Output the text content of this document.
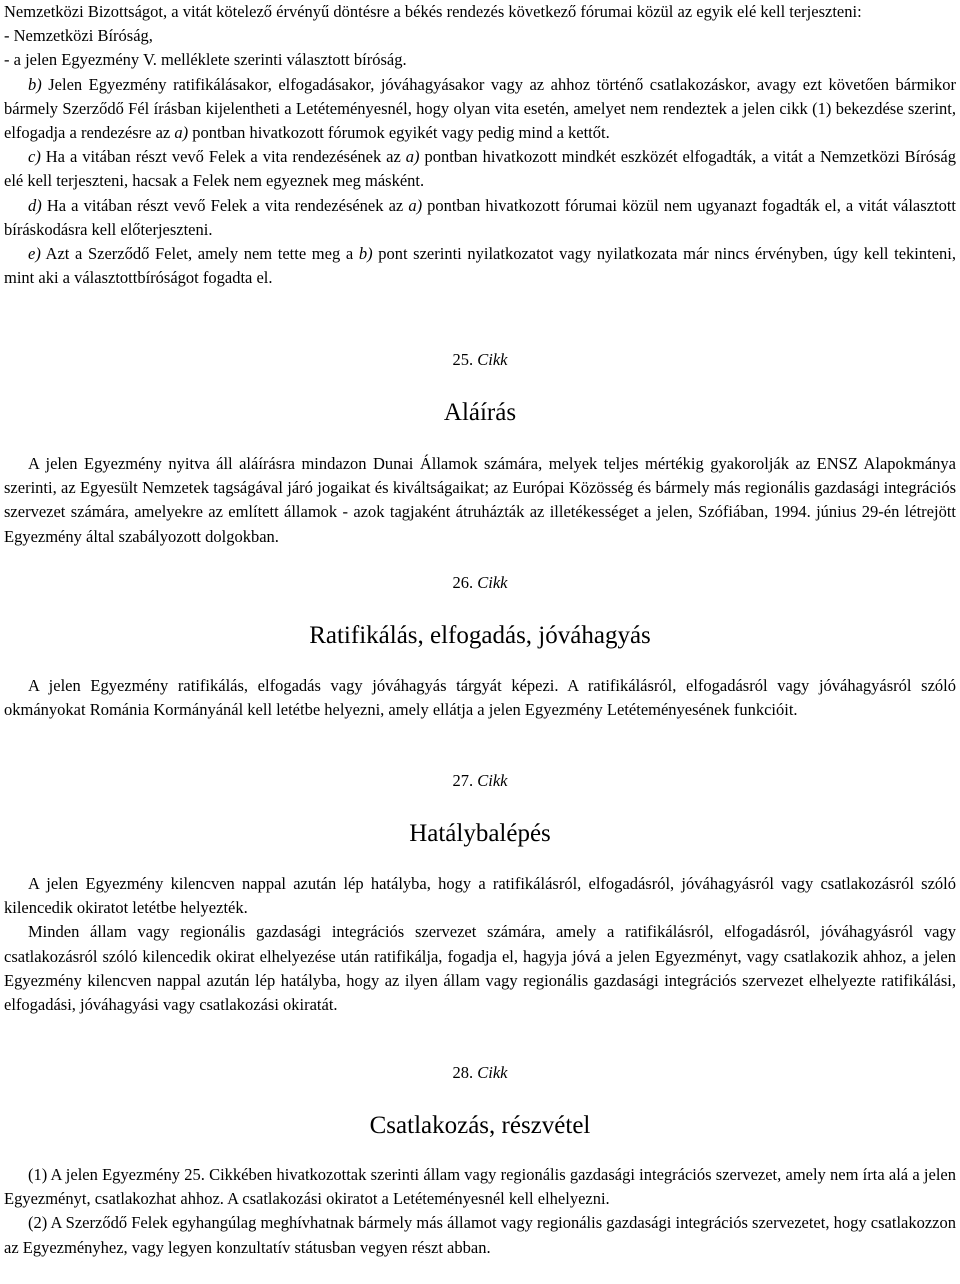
Nemzetközi Bizottságot, a vitát kötelező érvényű döntésre a békés rendezés következő fórumai közül az egyik elé kell terjeszteni:

- Nemzetközi Bíróság,

- a jelen Egyezmény V. melléklete szerinti választott bíróság.

b) Jelen Egyezmény ratifikálásakor, elfogadásakor, jóváhagyásakor vagy az ahhoz történő csatlakozáskor, avagy ezt követően bármikor bármely Szerződő Fél írásban kijelentheti a Letéteményesnél, hogy olyan vita esetén, amelyet nem rendeztek a jelen cikk (1) bekezdése szerint, elfogadja a rendezésre az a) pontban hivatkozott fórumok egyikét vagy pedig mind a kettőt.

c) Ha a vitában részt vevő Felek a vita rendezésének az a) pontban hivatkozott mindkét eszközét elfogadták, a vitát a Nemzetközi Bíróság elé kell terjeszteni, hacsak a Felek nem egyeznek meg másként.

d) Ha a vitában részt vevő Felek a vita rendezésének az a) pontban hivatkozott fórumai közül nem ugyanazt fogadták el, a vitát választott bíráskodásra kell előterjeszteni.

e) Azt a Szerződő Felet, amely nem tette meg a b) pont szerinti nyilatkozatot vagy nyilatkozata már nincs érvényben, úgy kell tekinteni, mint aki a választottbíróságot fogadta el.

25. Cikk

Aláírás

A jelen Egyezmény nyitva áll aláírásra mindazon Dunai Államok számára, melyek teljes mértékig gyakorolják az ENSZ Alapokmánya szerinti, az Egyesült Nemzetek tagságával járó jogaikat és kiváltságaikat; az Európai Közösség és bármely más regionális gazdasági integrációs szervezet számára, amelyekre az említett államok - azok tagjaként átruházták az illetékességet a jelen, Szófiában, 1994. június 29-én létrejött Egyezmény által szabályozott dolgokban.

26. Cikk

Ratifikálás, elfogadás, jóváhagyás

A jelen Egyezmény ratifikálás, elfogadás vagy jóváhagyás tárgyát képezi. A ratifikálásról, elfogadásról vagy jóváhagyásról szóló okmányokat Románia Kormányánál kell letétbe helyezni, amely ellátja a jelen Egyezmény Letéteményesének funkcióit.

27. Cikk

Hatálybalépés

A jelen Egyezmény kilencven nappal azután lép hatályba, hogy a ratifikálásról, elfogadásról, jóváhagyásról vagy csatlakozásról szóló kilencedik okiratot letétbe helyezték.

Minden állam vagy regionális gazdasági integrációs szervezet számára, amely a ratifikálásról, elfogadásról, jóváhagyásról vagy csatlakozásról szóló kilencedik okirat elhelyezése után ratifikálja, fogadja el, hagyja jóvá a jelen Egyezményt, vagy csatlakozik ahhoz, a jelen Egyezmény kilencven nappal azután lép hatályba, hogy az ilyen állam vagy regionális gazdasági integrációs szervezet elhelyezte ratifikálási, elfogadási, jóváhagyási vagy csatlakozási okiratát.

28. Cikk

Csatlakozás, részvétel

(1) A jelen Egyezmény 25. Cikkében hivatkozottak szerinti állam vagy regionális gazdasági integrációs szervezet, amely nem írta alá a jelen Egyezményt, csatlakozhat ahhoz. A csatlakozási okiratot a Letéteményesnél kell elhelyezni.

(2) A Szerződő Felek egyhangúlag meghívhatnak bármely más államot vagy regionális gazdasági integrációs szervezetet, hogy csatlakozzon az Egyezményhez, vagy legyen konzultatív státusban vegyen részt abban.
